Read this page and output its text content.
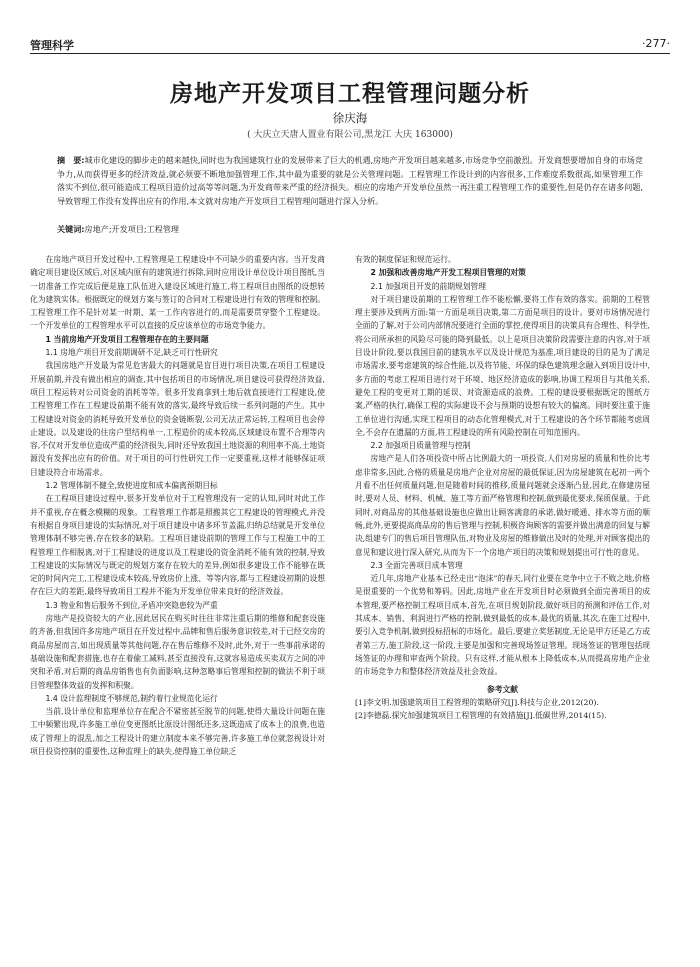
管理科学	·277·
房地产开发项目工程管理问题分析

徐庆海

( 大庆立天唐人置业有限公司,黑龙江 大庆 163000)

摘　要:城市化建设的脚步走的越来越快,同时也为我国建筑行业的发展带来了巨大的机遇,房地产开发项目越来越多,市场竞争空前激烈。开发商想要增加自身的市场竞争力,从而获得更多的经济效益,就必须要不断地加强管理工作,其中最为重要的就是公关管理问题。工程管理工作设计到的内容很多,工作难度系数很高,如果管理工作落实不到位,很可能造成工程项目造价过高等等问题,为开发商带来严重的经济损失。相应的房地产开发单位虽然一再注重工程管理工作的重要性,但是仍存在诸多问题,导致管理工作没有发挥出应有的作用,本文就对房地产开发项目工程管理问题进行深入分析。

关键词:房地产;开发项目;工程管理

在房地产项目开发过程中,工程管理是工程建设中不可缺少的重要内容。当开发商确定项目建设区域后,对区域内原有的建筑进行拆除,同时应用设计单位设计项目图纸,当一切准备工作完成后便是施工队伍进入建设区域进行施工,将工程项目由图纸的设想转化为建筑实体。根据既定的规划方案与签订的合同对工程建设进行有效的管理和控制。工程管理工作不是针对某一时期、某一工作内容进行的,而是需要贯穿整个工程建设。一个开发单位的工程管理水平可以直接的反应该单位的市场竞争能力。

1 当前房地产开发项目工程管理存在的主要问题

1.1 房地产项目开发前期调研不足,缺乏可行性研究

我国房地产开发最为常见危害最大的问题就是盲目进行项目决策,在项目工程建设开展前期,并没有做出相应的调查,其中包括项目的市场情况,项目建设可获得经济效益,项目工程运转对公司资金的消耗等等。很多开发商拿到土地后就直接进行工程建设,使工程管理工作在工程建设前期不能有效的落实,最终导致后续一系列问题的产生。其中工程建设对资金的消耗导致开发单位的资金链断裂,公司无法正常运转,工程项目也会停止建设。以及建设的住房户型结构单一,工程造价的成本较高,区域建设布置不合理等内容,不仅对开发单位造成严重的经济损失,同时还导致我国土地资源的利用率不高,土地资源没有发挥出应有的价值。对于项目的可行性研究工作一定要重视,这样才能够保证项目建设符合市场需求。

1.2 管理体制不健全,致使进度和成本偏离预期目标

在工程项目建设过程中,很多开发单位对于工程管理没有一定的认知,同时对此工作并不重视,存在概念模糊的现象。工程管理工作都是照搬其它工程建设的管理模式,并没有根据自身项目建设的实际情况,对于项目建设中诸多环节盖漏,归纳总结就是开发单位管理体制不够完善,存在较多的缺陷。工程项目建设前期的管理工作与工程施工中的工程管理工作相脱离,对于工程建设的进度以及工程建设的资金消耗不能有效的控制,导致工程建设的实际情况与既定的规划方案存在较大的差异,例如很多建设工作不能够在既定的时间内完工,工程建设成本较高,导致房价上涨、等等内容,都与工程建设初期的设想存在巨大的差距,最终导致项目工程并不能为开发单位带来良好的经济效益。

1.3 物业和售后服务不到位,矛盾冲突隐患较为严重

房地产是投资较大的产业,因此居民在购买时往往非常注重后期的维修和配套设施的齐备,但我国许多房地产项目在开发过程中,品牌和售后服务意识较差,对于已经交房的商品房屋而言,如出现质量等其他问题,存在售后维修不及时,此外,对于一些事前承诺的基础设施和配套措施,也存在着偷工减料,甚至直接没有,这就容易造成买卖双方之间的冲突和矛盾,对后期的商品房销售也有负面影响,这种忽略事后管理和控制的做法不利于项目管理整体效益的发挥和积聚。

1.4 设计监理制度不够规范,制约着行业规范化运行

当前,设计单位和监理单位存在配合不紧密甚至脱节的问题,使得大量设计问题在施工中频繁出现,许多施工单位变更图纸比原设计图纸还多,这既造成了成本上的浪费,也造成了管理上的混乱,加之工程设计的建立制度本来不够完善,许多施工单位就忽视设计对项目投资控制的重要性,这种监理上的缺失,使得施工单位缺乏

有效的制度保证和规范运行。

2 加强和改善房地产开发工程项目管理的对策

2.1 加强项目开发的前期规划管理

对于项目建设前期的工程管理工作不能松懈,要将工作有效的落实。前期的工程管理主要涉及到两方面:第一方面是项目决策,第二方面是项目的设计。要对市场情况进行全面的了解,对于公司内部情况要进行全面的掌控,使得项目的决策具有合理性、科学性,将公司所承担的风险尽可能的降到最低。以上是项目决策阶段需要注意的内容,对于项目设计阶段,要以我国目前的建筑水平以及设计规范为基准,项目建设的目的是为了满足市场需求,要考虑建筑的综合性能,以及将节能、环保的绿色建筑理念融入到项目设计中,多方面的考虑工程项目进行对于环境、地区经济造成的影响,协调工程项目与其他关系,避免工程的变更对工期的延误、对资源造成的浪费。工程的建设要根据既定的图纸方案,严格的执行,确保工程的实际建设不会与预期的设想有较大的偏离。同时要注重于施工单位进行沟通,实现工程项目的动态化管理模式,对于工程建设的各个环节都能考虑周全,不会存在遗漏的方面,将工程建设的所有风险控制在可知范围内。

2.2 加强项目质量管理与控制

房地产是人们各项投资中所占比例最大的一项投资,人们对房屋的质量和性价比考虑非常多,因此,合格的质量是房地产企业对房屋的最低保证,因为房屋建筑在起初一两个月看不出任何质量问题,但是随着时间的推移,质量问题就会逐渐凸显,因此,在修建房屋时,要对人员、材料、机械、施工等方面严格管理和控制,做到最优要求,保质保量。于此同时,对商品房的其他基础设施也应做出让顾客满意的承诺,做好暖通、排水等方面的顺畅,此外,更要提高商品房的售后管理与控制,积极咨询顾客的需要并做出满意的回复与解决,组建专门的售后项目管理队伍,对物业及房屋的维修做出及时的处理,并对顾客提出的意见和建议进行深入研究,从而为下一个房地产项目的决策和规划提出可行性的意见。

2.3 全面完善项目成本管理

近几年,房地产业基本已经走出“泡沫”的春天,同行业要在竞争中立于不败之地,价格是很重要的一个优势和筹码。因此,房地产业在开发项目时必须做到全面完善项目的成本管理,要严格控制工程项目成本,首先,在项目规划阶段,做好项目的预测和评估工作,对其成本、销售、利润进行严格的控制,做到最低的成本,最优的质量,其次,在施工过程中,要引入竞争机制,做到投标招标的市场化。最后,要建立奖惩制度,无论是甲方还是乙方或者第三方,施工阶段,这一阶段,主要是加强和完善现场签证管理。现场签证的管理包括现场签证的办理和审查两个阶段。只有这样,才能从根本上降低成本,从而提高房地产企业的市场竞争力和整体经济效益及社会效益。

参考文献

[1]李文明.加强建筑项目工程管理的策略研究[J].科技与企业,2012(20).

[2]李德磊.探究加强建筑项目工程管理的有效措施[J].低碳世界,2014(15).
